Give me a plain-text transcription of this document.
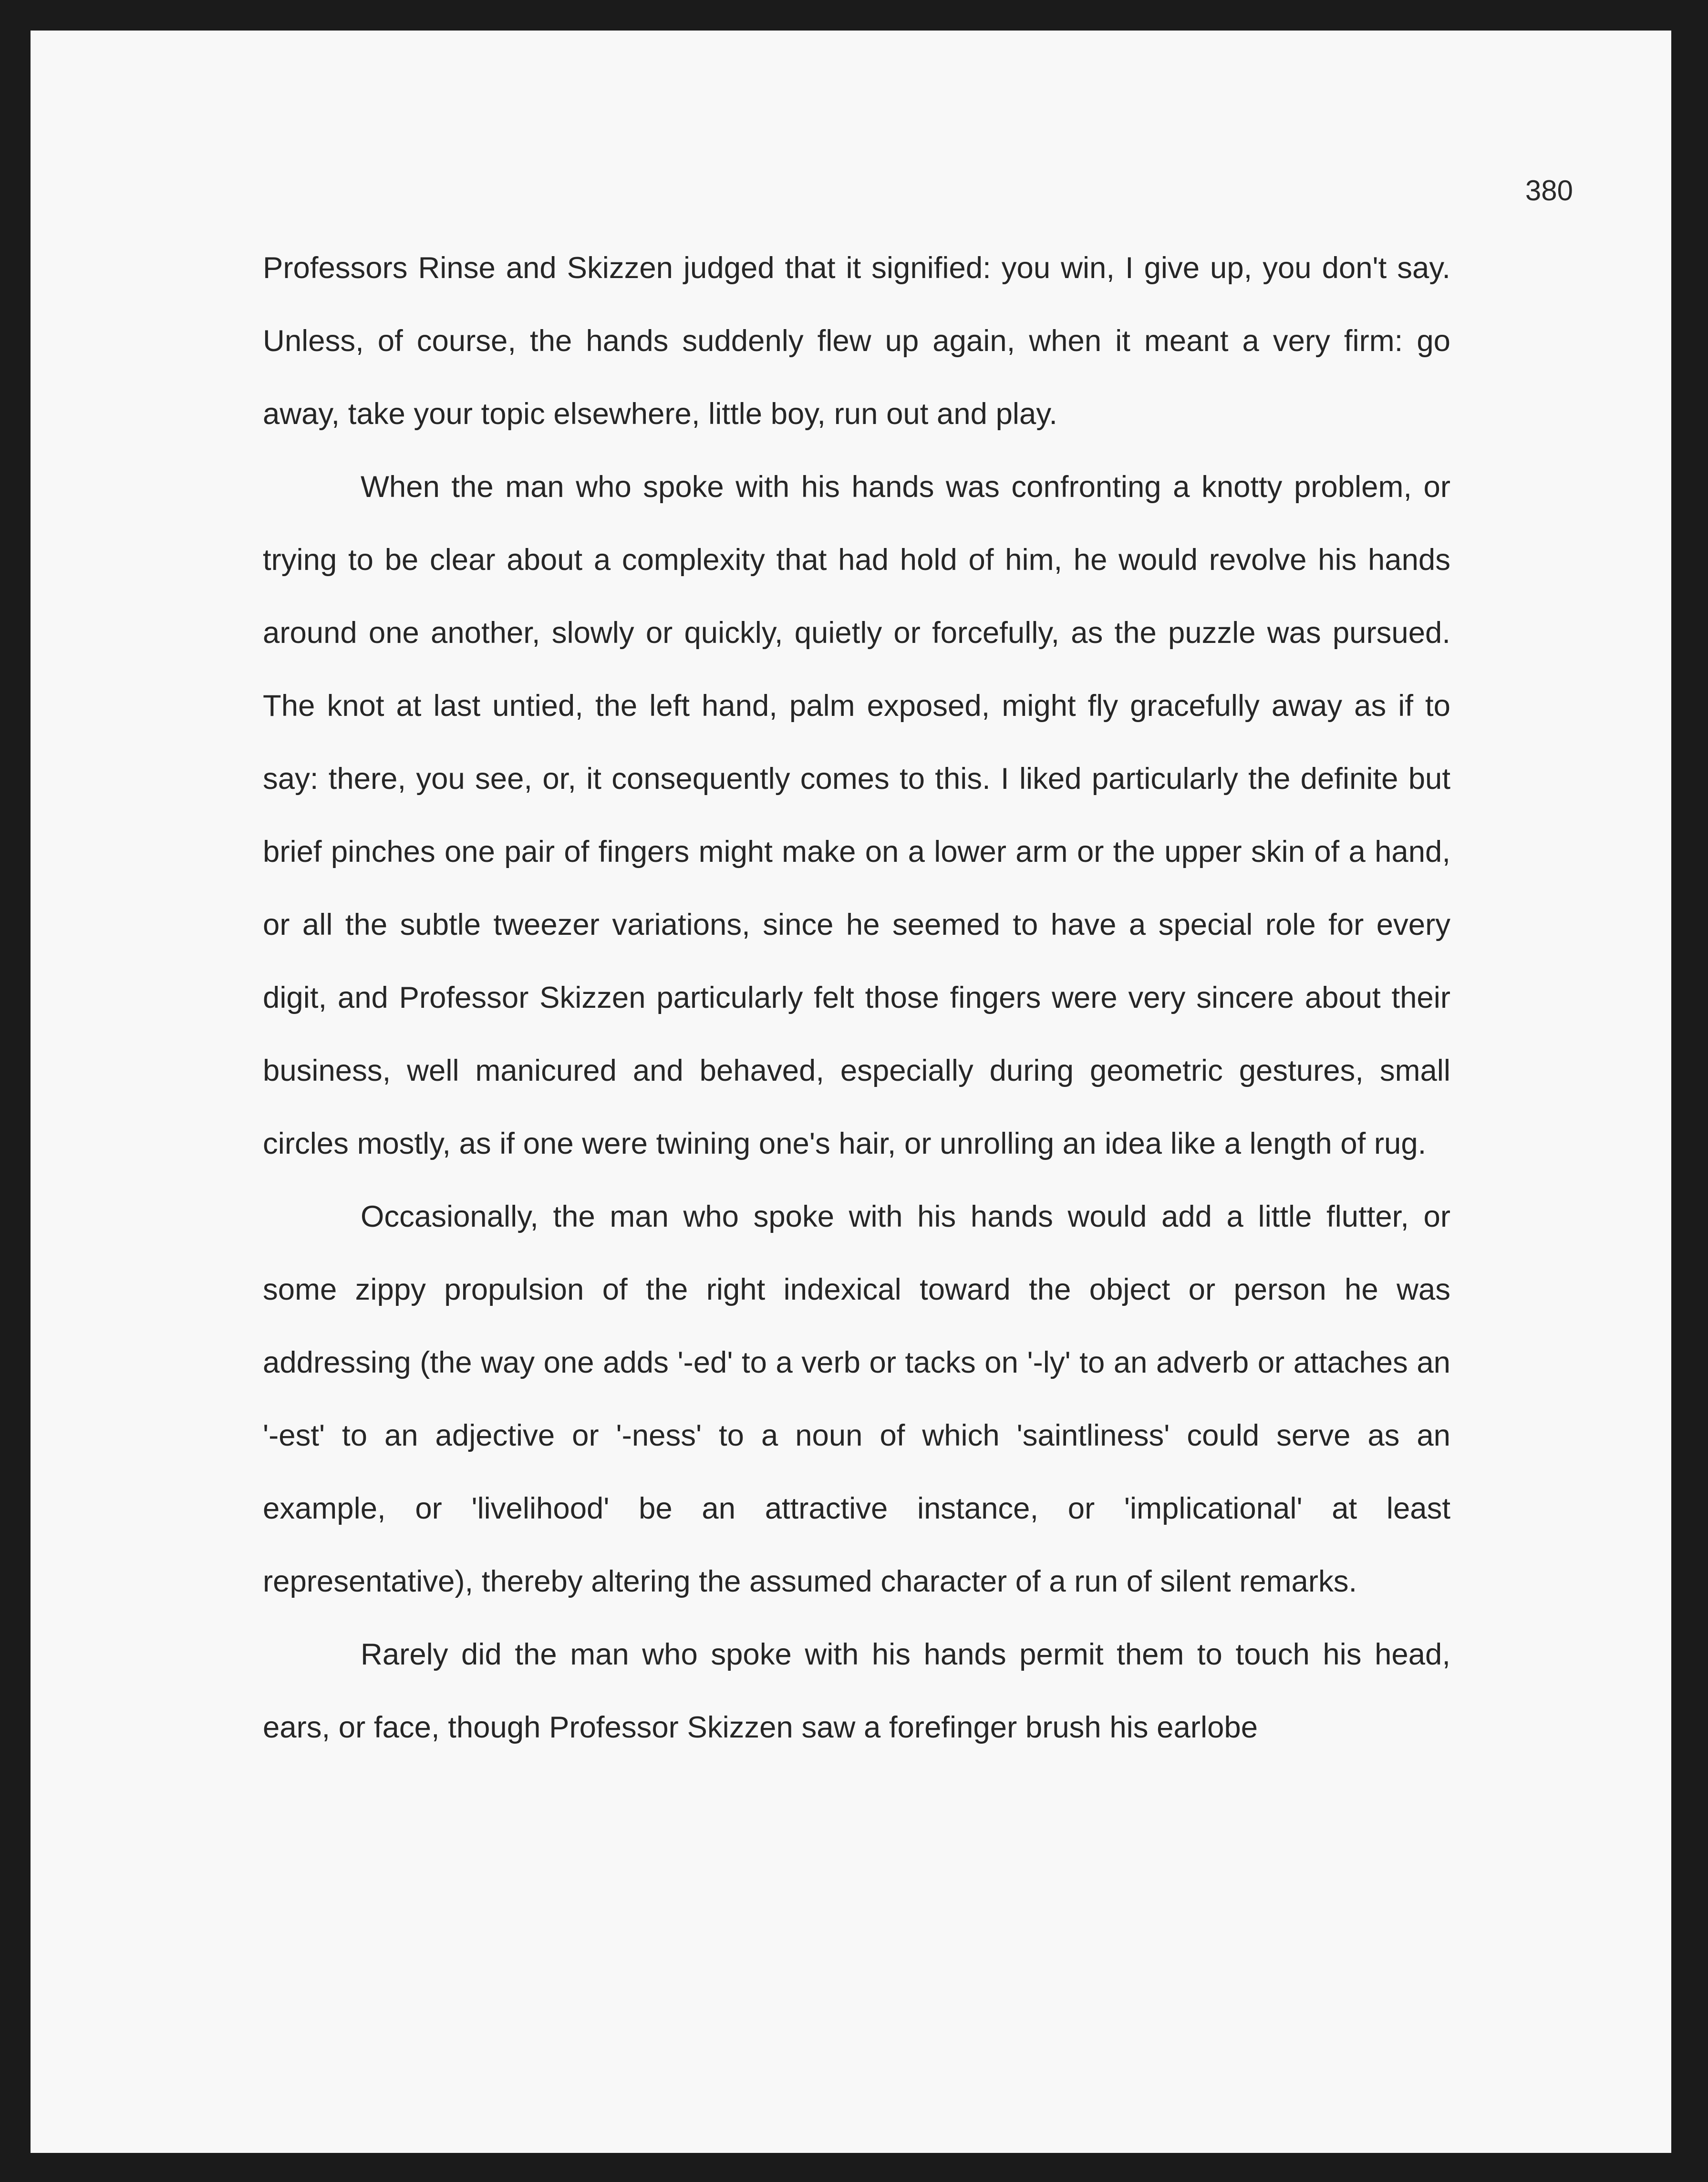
380

Professors Rinse and Skizzen judged that it signified: you win, I give up, you don't say. Unless, of course, the hands suddenly flew up again, when it meant a very firm: go away, take your topic elsewhere, little boy, run out and play.

When the man who spoke with his hands was confronting a knotty problem, or trying to be clear about a complexity that had hold of him, he would revolve his hands around one another, slowly or quickly, quietly or forcefully, as the puzzle was pursued. The knot at last untied, the left hand, palm exposed, might fly gracefully away as if to say: there, you see, or, it consequently comes to this. I liked particularly the definite but brief pinches one pair of fingers might make on a lower arm or the upper skin of a hand, or all the subtle tweezer variations, since he seemed to have a special role for every digit, and Professor Skizzen particularly felt those fingers were very sincere about their business, well manicured and behaved, especially during geometric gestures, small circles mostly, as if one were twining one's hair, or unrolling an idea like a length of rug.

Occasionally, the man who spoke with his hands would add a little flutter, or some zippy propulsion of the right indexical toward the object or person he was addressing (the way one adds '-ed' to a verb or tacks on '-ly' to an adverb or attaches an '-est' to an adjective or '-ness' to a noun of which 'saintliness' could serve as an example, or 'livelihood' be an attractive instance, or 'implicational' at least representative), thereby altering the assumed character of a run of silent remarks.

Rarely did the man who spoke with his hands permit them to touch his head, ears, or face, though Professor Skizzen saw a forefinger brush his earlobe
